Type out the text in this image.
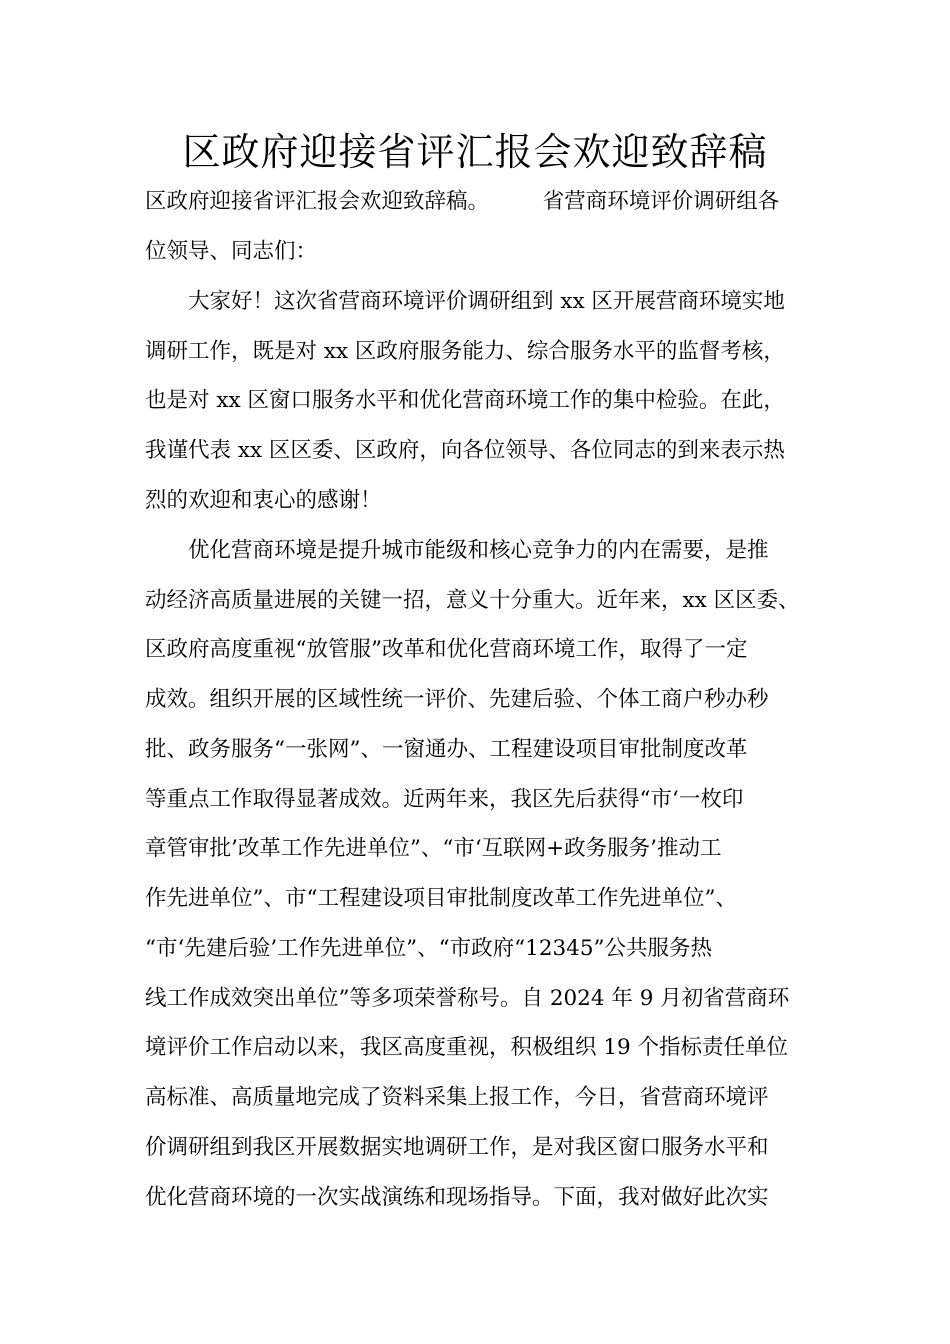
区政府迎接省评汇报会欢迎致辞稿
区政府迎接省评汇报会欢迎致辞稿。　　　省营商环境评价调研组各
位领导、同志们：
大家好！这次省营商环境评价调研组到 xx 区开展营商环境实地
调研工作，既是对 xx 区政府服务能力、综合服务水平的监督考核，
也是对 xx 区窗口服务水平和优化营商环境工作的集中检验。在此，
我谨代表 xx 区区委、区政府，向各位领导、各位同志的到来表示热
烈的欢迎和衷心的感谢！
优化营商环境是提升城市能级和核心竞争力的内在需要，是推
动经济高质量进展的关键一招，意义十分重大。近年来，xx 区区委、
区政府高度重视“放管服”改革和优化营商环境工作，取得了一定
成效。组织开展的区域性统一评价、先建后验、个体工商户秒办秒
批、政务服务“一张网”、一窗通办、工程建设项目审批制度改革
等重点工作取得显著成效。近两年来，我区先后获得“市‘一枚印
章管审批’改革工作先进单位”、“市‘互联网+政务服务’推动工
作先进单位”、市“工程建设项目审批制度改革工作先进单位”、
“市‘先建后验’工作先进单位”、“市政府“12345”公共服务热
线工作成效突出单位”等多项荣誉称号。自 2024 年 9 月初省营商环
境评价工作启动以来，我区高度重视，积极组织 19 个指标责任单位
高标准、高质量地完成了资料采集上报工作，今日，省营商环境评
价调研组到我区开展数据实地调研工作，是对我区窗口服务水平和
优化营商环境的一次实战演练和现场指导。下面，我对做好此次实
